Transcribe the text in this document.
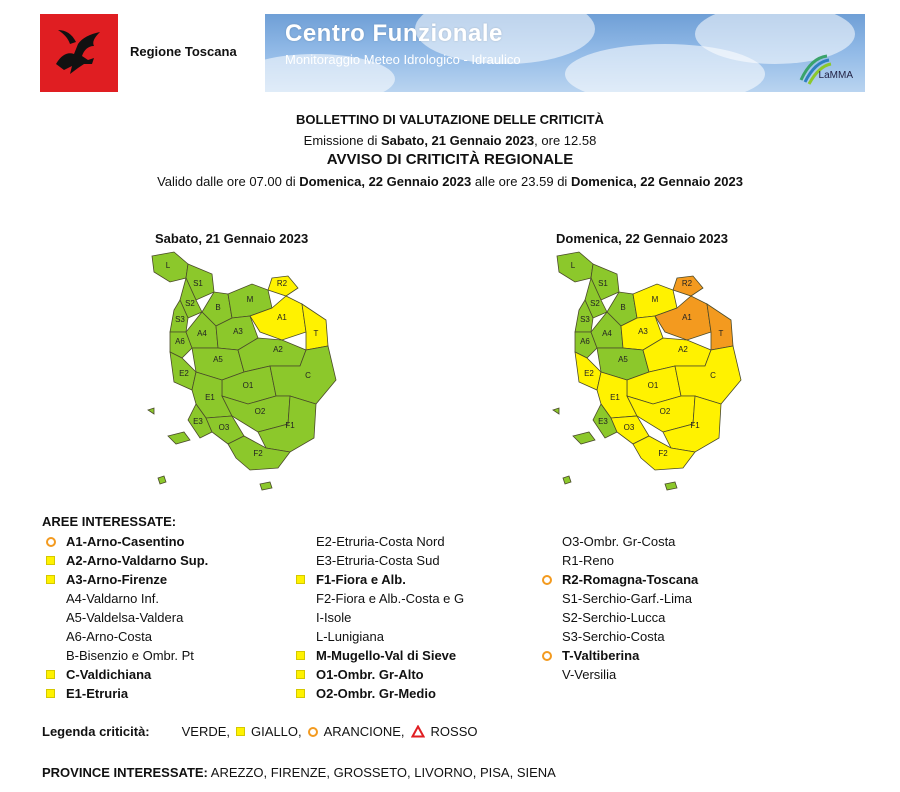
Regione Toscana
Centro Funzionale
Monitoraggio Meteo Idrologico - Idraulico
LaMMA
BOLLETTINO DI VALUTAZIONE DELLE CRITICITÀ
Emissione di Sabato, 21 Gennaio 2023, ore 12.58
AVVISO DI CRITICITÀ REGIONALE
Valido dalle ore 07.00 di Domenica, 22 Gennaio 2023 alle ore 23.59 di Domenica, 22 Gennaio 2023
Sabato, 21 Gennaio 2023	Domenica, 22 Gennaio 2023
L
S1	R2
S2
S3
A6
B
M
A4	A3
A1
T
A5
A2
E2
O1
C
E1
O2
E3
O3	F1
F2
L
S1	R2
S2
S3
A6
B
M
A4	A3
A1
T
A5
A2
E2
O1
C
E1
O2
E3
O3	F1
F2
AREE INTERESSATE:
A1-Arno-Casentino
A2-Arno-Valdarno Sup.
A3-Arno-Firenze
A4-Valdarno Inf.
A5-Valdelsa-Valdera
A6-Arno-Costa
B-Bisenzio e Ombr. Pt
C-Valdichiana
E1-Etruria
E2-Etruria-Costa Nord
E3-Etruria-Costa Sud
F1-Fiora e Alb.
F2-Fiora e Alb.-Costa e G
I-Isole
L-Lunigiana
M-Mugello-Val di Sieve
O1-Ombr. Gr-Alto
O2-Ombr. Gr-Medio
O3-Ombr. Gr-Costa
R1-Reno
R2-Romagna-Toscana
S1-Serchio-Garf.-Lima
S2-Serchio-Lucca
S3-Serchio-Costa
T-Valtiberina
V-Versilia
Legenda criticità: VERDE, GIALLO, ARANCIONE, ROSSO
PROVINCE INTERESSATE: AREZZO, FIRENZE, GROSSETO, LIVORNO, PISA, SIENA
